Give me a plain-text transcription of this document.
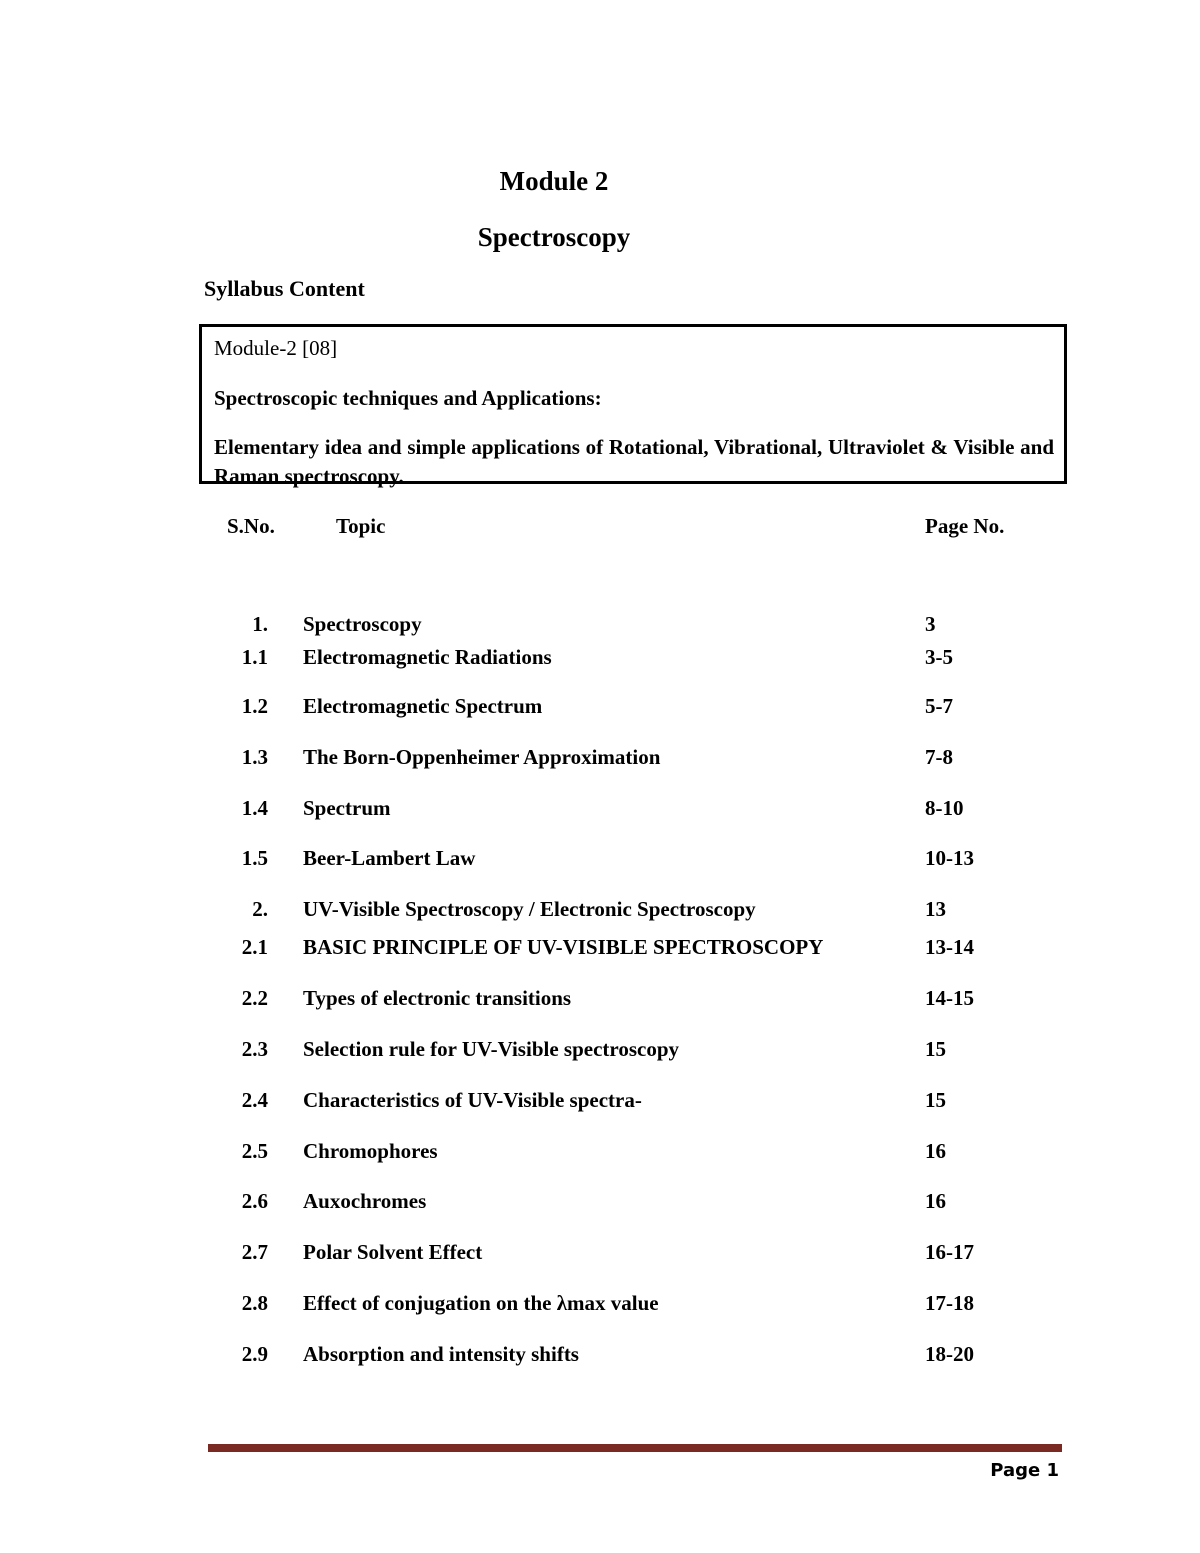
Module 2
Spectroscopy
Syllabus Content
Module-2 [08]
Spectroscopic techniques and Applications:
Elementary idea and simple applications of Rotational, Vibrational, Ultraviolet & Visible and Raman spectroscopy.
S.No.	Topic	Page No.
1. Spectroscopy	3
1.1 Electromagnetic Radiations	3-5
1.2 Electromagnetic Spectrum	5-7
1.3 The Born-Oppenheimer Approximation	7-8
1.4 Spectrum	8-10
1.5 Beer-Lambert Law	10-13
2. UV-Visible Spectroscopy / Electronic Spectroscopy	13
2.1 BASIC PRINCIPLE OF UV-VISIBLE SPECTROSCOPY	13-14
2.2 Types of electronic transitions	14-15
2.3 Selection rule for UV-Visible spectroscopy	15
2.4 Characteristics of UV-Visible spectra-	15
2.5 Chromophores	16
2.6 Auxochromes	16
2.7 Polar Solvent Effect	16-17
2.8 Effect of conjugation on the λmax value	17-18
2.9 Absorption and intensity shifts	18-20
Page 1
